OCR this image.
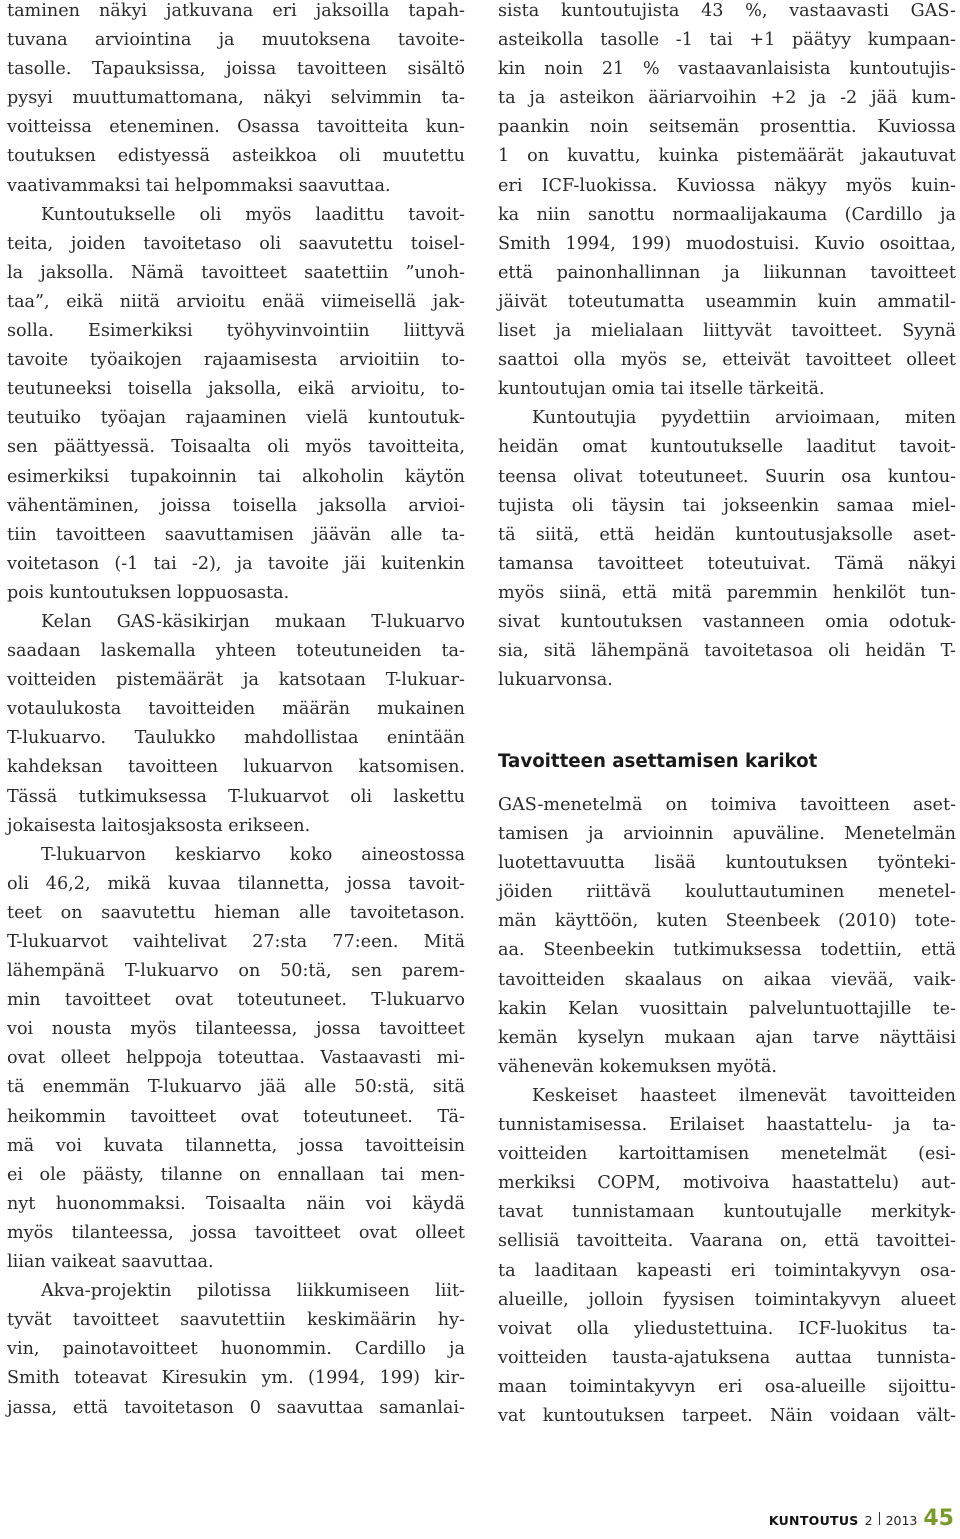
taminen näkyi jatkuvana eri jaksoilla tapah-
tuvana arviointina ja muutoksena tavoite-
tasolle. Tapauksissa, joissa tavoitteen sisältö
pysyi muuttumattomana, näkyi selvimmin ta-
voitteissa eteneminen. Osassa tavoitteita kun-
toutuksen edistyessä asteikkoa oli muutettu
vaativammaksi tai helpommaksi saavuttaa.
Kuntoutukselle oli myös laadittu tavoit-
teita, joiden tavoitetaso oli saavutettu toisel-
la jaksolla. Nämä tavoitteet saatettiin ”unoh-
taa”, eikä niitä arvioitu enää viimeisellä jak-
solla. Esimerkiksi työhyvinvointiin liittyvä
tavoite työaikojen rajaamisesta arvioitiin to-
teutuneeksi toisella jaksolla, eikä arvioitu, to-
teutuiko työajan rajaaminen vielä kuntoutuk-
sen päättyessä. Toisaalta oli myös tavoitteita,
esimerkiksi tupakoinnin tai alkoholin käytön
vähentäminen, joissa toisella jaksolla arvioi-
tiin tavoitteen saavuttamisen jäävän alle ta-
voitetason (-1 tai -2), ja tavoite jäi kuitenkin
pois kuntoutuksen loppuosasta.
Kelan GAS-käsikirjan mukaan T-lukuarvo
saadaan laskemalla yhteen toteutuneiden ta-
voitteiden pistemäärät ja katsotaan T-lukuar-
votaulukosta tavoitteiden määrän mukainen
T-lukuarvo. Taulukko mahdollistaa enintään
kahdeksan tavoitteen lukuarvon katsomisen.
Tässä tutkimuksessa T-lukuarvot oli laskettu
jokaisesta laitosjaksosta erikseen.
T-lukuarvon keskiarvo koko aineostossa
oli 46,2, mikä kuvaa tilannetta, jossa tavoit-
teet on saavutettu hieman alle tavoitetason.
T-lukuarvot vaihtelivat 27:sta 77:een. Mitä
lähempänä T-lukuarvo on 50:tä, sen parem-
min tavoitteet ovat toteutuneet. T-lukuarvo
voi nousta myös tilanteessa, jossa tavoitteet
ovat olleet helppoja toteuttaa. Vastaavasti mi-
tä enemmän T-lukuarvo jää alle 50:stä, sitä
heikommin tavoitteet ovat toteutuneet. Tä-
mä voi kuvata tilannetta, jossa tavoitteisin
ei ole päästy, tilanne on ennallaan tai men-
nyt huonommaksi. Toisaalta näin voi käydä
myös tilanteessa, jossa tavoitteet ovat olleet
liian vaikeat saavuttaa.
Akva-projektin pilotissa liikkumiseen liit-
tyvät tavoitteet saavutettiin keskimäärin hy-
vin, painotavoitteet huonommin. Cardillo ja
Smith toteavat Kiresukin ym. (1994, 199) kir-
jassa, että tavoitetason 0 saavuttaa samanlai-
sista kuntoutujista 43 %, vastaavasti GAS-
asteikolla tasolle -1 tai +1 päätyy kumpaan-
kin noin 21 % vastaavanlaisista kuntoutujis-
ta ja asteikon ääriarvoihin +2 ja -2 jää kum-
paankin noin seitsemän prosenttia. Kuviossa
1 on kuvattu, kuinka pistemäärät jakautuvat
eri ICF-luokissa. Kuviossa näkyy myös kuin-
ka niin sanottu normaalijakauma (Cardillo ja
Smith 1994, 199) muodostuisi. Kuvio osoittaa,
että painonhallinnan ja liikunnan tavoitteet
jäivät toteutumatta useammin kuin ammatil-
liset ja mielialaan liittyvät tavoitteet. Syynä
saattoi olla myös se, etteivät tavoitteet olleet
kuntoutujan omia tai itselle tärkeitä.
Kuntoutujia pyydettiin arvioimaan, miten
heidän omat kuntoutukselle laaditut tavoit-
teensa olivat toteutuneet. Suurin osa kuntou-
tujista oli täysin tai jokseenkin samaa miel-
tä siitä, että heidän kuntoutusjaksolle aset-
tamansa tavoitteet toteutuivat. Tämä näkyi
myös siinä, että mitä paremmin henkilöt tun-
sivat kuntoutuksen vastanneen omia odotuk-
sia, sitä lähempänä tavoitetasoa oli heidän T-
lukuarvonsa.
Tavoitteen asettamisen karikot
GAS-menetelmä on toimiva tavoitteen aset-
tamisen ja arvioinnin apuväline. Menetelmän
luotettavuutta lisää kuntoutuksen työnteki-
jöiden riittävä kouluttautuminen menetel-
män käyttöön, kuten Steenbeek (2010) tote-
aa. Steenbeekin tutkimuksessa todettiin, että
tavoitteiden skaalaus on aikaa vievää, vaik-
kakin Kelan vuosittain palveluntuottajille te-
kemän kyselyn mukaan ajan tarve näyttäisi
vähenevän kokemuksen myötä.
Keskeiset haasteet ilmenevät tavoitteiden
tunnistamisessa. Erilaiset haastattelu- ja ta-
voitteiden kartoittamisen menetelmät (esi-
merkiksi COPM, motivoiva haastattelu) aut-
tavat tunnistamaan kuntoutujalle merkityk-
sellisiä tavoitteita. Vaarana on, että tavoittei-
ta laaditaan kapeasti eri toimintakyvyn osa-
alueille, jolloin fyysisen toimintakyvyn alueet
voivat olla yliedustettuina. ICF-luokitus ta-
voitteiden tausta-ajatuksena auttaa tunnista-
maan toimintakyvyn eri osa-alueille sijoittu-
vat kuntoutuksen tarpeet. Näin voidaan vält-
KUNTOUTUS 2 2013 45
